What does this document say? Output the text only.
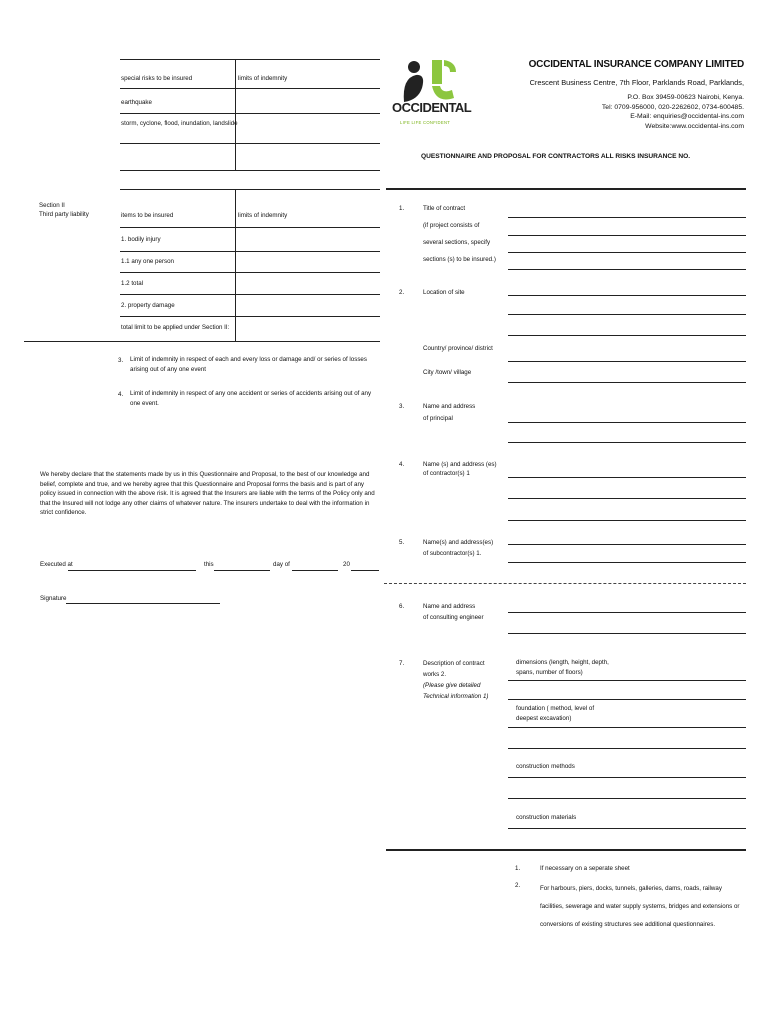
OCCIDENTAL
LIFE LIFE CONFIDENT
OCCIDENTAL INSURANCE COMPANY LIMITED
Crescent Business Centre, 7th Floor, Parklands Road, Parklands,
P.O. Box 39459-00623 Nairobi, Kenya.
Tel: 0709-956000, 020-2262602, 0734-600485.
E-Mail: enquiries@occidental-ins.com
Website:www.occidental-ins.com
QUESTIONNAIRE AND PROPOSAL FOR CONTRACTORS ALL RISKS INSURANCE NO.
special risks to be insured	limits of indemnity
earthquake
storm, cyclone, flood, inundation, landslide
Section II
Third party liability	items to be insured	limits of indemnity
1. bodily injury
1.1 any one person
1.2 total
2. property damage
total limit to be applied under Section II:
3. Limit of indemnity in respect of each and every loss or damage and/ or series of losses arising out of any one event
4. Limit of indemnity in respect of any one accident or series of accidents arising out of any one event.
We hereby declare that the statements made by us in this Questionnaire and Proposal, to the best of our knowledge and belief, complete and true, and we hereby agree that this Questionnaire and Proposal forms the basis and is part of any policy issued in connection with the above risk. It is agreed that the Insurers are liable with the terms of the Policy only and that the Insured will not lodge any other claims of whatever nature. The insurers undertake to deal with the information in strict confidence.
Executed at	this	day of	20
Signature
1.	Title of contract
(if project consists of
several sections, specify
sections (s) to be insured.)
2.	Location of site
Country/ province/ district
City /town/ village
3.	Name and address
of principal
4.	Name (s) and address (es)
of contractor(s) 1
5.	Name(s) and address(es)
of subcontractor(s) 1.
6.	Name and address
of consulting engineer
7.	Description of contract
works 2.
(Please give detailed
Technical information 1)
dimensions (length, height, depth, spans, number of floors)
foundation ( method, level of deepest excavation)
construction methods
construction materials
1.	If necessary on a seperate sheet
2.	For harbours, piers, docks, tunnels, galleries, dams, roads, railway facilities, sewerage and water supply systems, bridges and extensions or conversions of existing structures see additional questionnaires.
